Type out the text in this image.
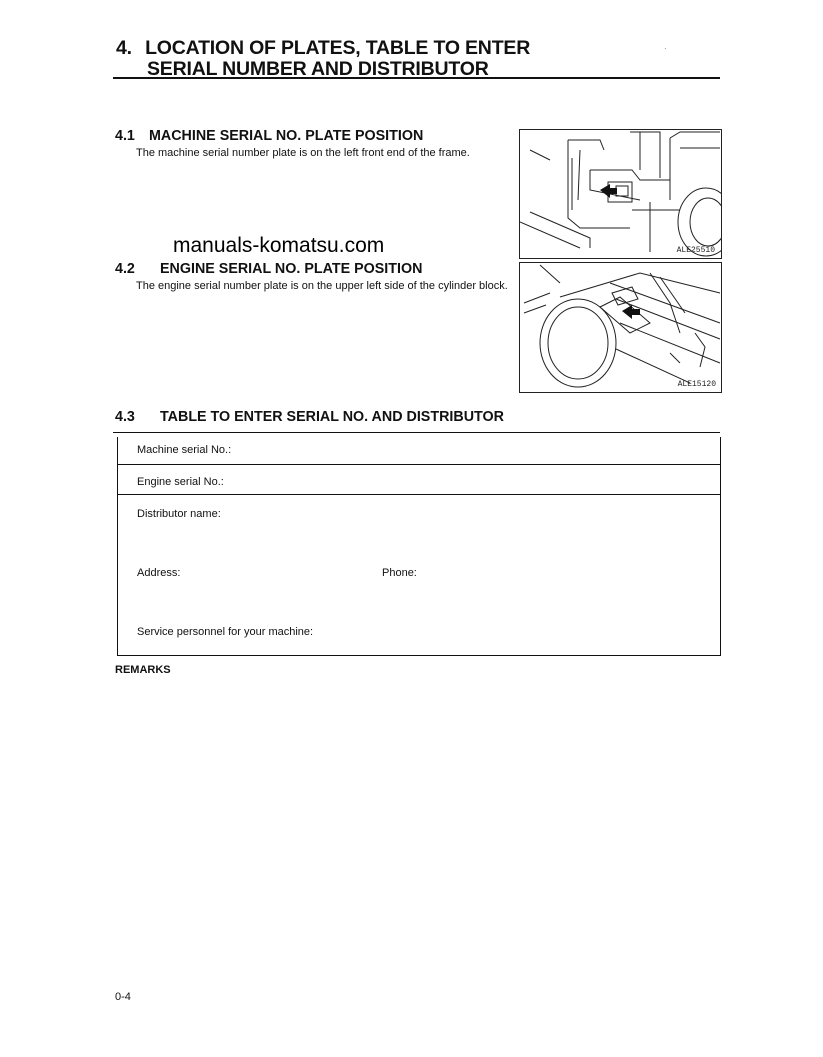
4. LOCATION OF PLATES, TABLE TO ENTER
SERIAL NUMBER AND DISTRIBUTOR
·
4.1 MACHINE SERIAL NO. PLATE POSITION

The machine serial number plate is on the left front end of the frame.

ALE25510
manuals-komatsu.com
4.2 ENGINE SERIAL NO. PLATE POSITION

The engine serial number plate is on the upper left side of the cylinder block.

ALE15120
4.3 TABLE TO ENTER SERIAL NO. AND DISTRIBUTOR
Machine serial No.:
Engine serial No.:
Distributor name:
Address:	Phone:
Service personnel for your machine:
REMARKS
0-4
